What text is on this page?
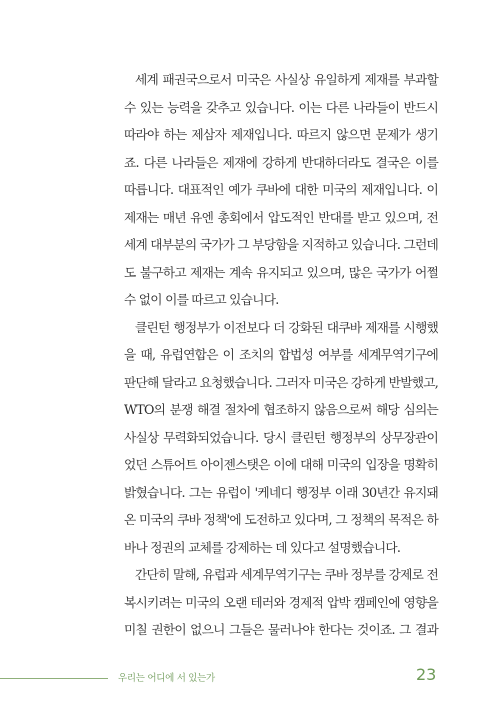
세계 패권국으로서 미국은 사실상 유일하게 제재를 부과할
수 있는 능력을 갖추고 있습니다. 이는 다른 나라들이 반드시
따라야 하는 제삼자 제재입니다. 따르지 않으면 문제가 생기
죠. 다른 나라들은 제재에 강하게 반대하더라도 결국은 이를
따릅니다. 대표적인 예가 쿠바에 대한 미국의 제재입니다. 이
제재는 매년 유엔 총회에서 압도적인 반대를 받고 있으며, 전
세계 대부분의 국가가 그 부당함을 지적하고 있습니다. 그런데
도 불구하고 제재는 계속 유지되고 있으며, 많은 국가가 어쩔
수 없이 이를 따르고 있습니다.
클린턴 행정부가 이전보다 더 강화된 대쿠바 제재를 시행했
을 때, 유럽연합은 이 조치의 합법성 여부를 세계무역기구에
판단해 달라고 요청했습니다. 그러자 미국은 강하게 반발했고,
WTO의 분쟁 해결 절차에 협조하지 않음으로써 해당 심의는
사실상 무력화되었습니다. 당시 클린턴 행정부의 상무장관이
었던 스튜어트 아이젠스탯은 이에 대해 미국의 입장을 명확히
밝혔습니다. 그는 유럽이 '케네디 행정부 이래 30년간 유지돼
온 미국의 쿠바 정책'에 도전하고 있다며, 그 정책의 목적은 하
바나 정권의 교체를 강제하는 데 있다고 설명했습니다.
간단히 말해, 유럽과 세계무역기구는 쿠바 정부를 강제로 전
복시키려는 미국의 오랜 테러와 경제적 압박 캠페인에 영향을
미칠 권한이 없으니 그들은 물러나야 한다는 것이죠. 그 결과
우리는 어디에 서 있는가	23
